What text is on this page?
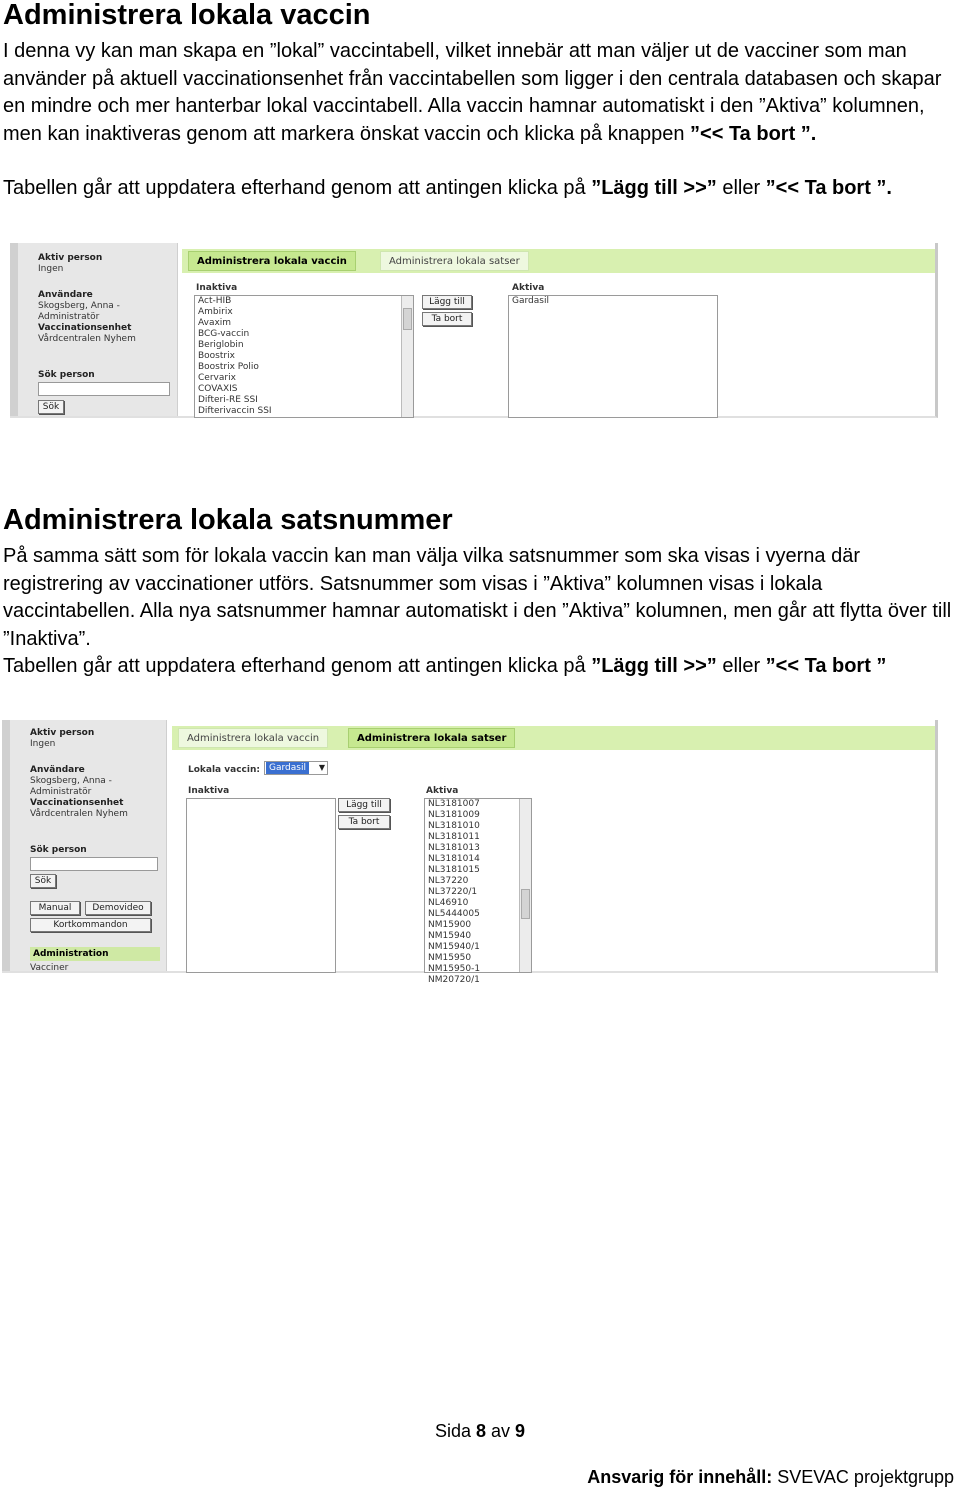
Administrera lokala vaccin
I denna vy kan man skapa en ”lokal” vaccintabell, vilket innebär att man väljer ut de vacciner som man använder på aktuell vaccinationsenhet från vaccintabellen som ligger i den centrala databasen och skapar en mindre och mer hanterbar lokal vaccintabell. Alla vaccin hamnar automatiskt i den ”Aktiva” kolumnen, men kan inaktiveras genom att markera önskat vaccin och klicka på knappen ”<< Ta bort ”.
Tabellen går att uppdatera efterhand genom att antingen klicka på ”Lägg till >>” eller ”<< Ta bort ”.
Aktiv person
Ingen
Användare
Skogsberg, Anna -
Administratör
Vaccinationsenhet
Vårdcentralen Nyhem
Sök person
Sök
Administrera lokala vaccin	Administrera lokala satser
Inaktiva
Act-HIB
Ambirix
Avaxim
BCG-vaccin
Beriglobin
Boostrix
Boostrix Polio
Cervarix
COVAXIS
Difteri-RE SSI
Difterivaccin SSI
Lägg till
Ta bort
Aktiva
Gardasil
Administrera lokala satsnummer
På samma sätt som för lokala vaccin kan man välja vilka satsnummer som ska visas i vyerna där registrering av vaccinationer utförs. Satsnummer som visas i ”Aktiva” kolumnen visas i lokala vaccintabellen. Alla nya satsnummer hamnar automatiskt i den ”Aktiva” kolumnen, men går att flytta över till ”Inaktiva”.
Tabellen går att uppdatera efterhand genom att antingen klicka på ”Lägg till >>” eller ”<< Ta bort ”
Aktiv person
Ingen
Användare
Skogsberg, Anna -
Administratör
Vaccinationsenhet
Vårdcentralen Nyhem
Sök person
Sök
Manual	Demovideo
Kortkommandon
Administration
Vacciner
Administrera lokala vaccin	Administrera lokala satser
Lokala vaccin:	Gardasil ▼
Inaktiva
Lägg till
Ta bort
Aktiva
NL3181007
NL3181009
NL3181010
NL3181011
NL3181013
NL3181014
NL3181015
NL37220
NL37220/1
NL46910
NL5444005
NM15900
NM15940
NM15940/1
NM15950
NM15950-1
NM20720/1
Sida 8 av 9
Ansvarig för innehåll: SVEVAC projektgrupp
